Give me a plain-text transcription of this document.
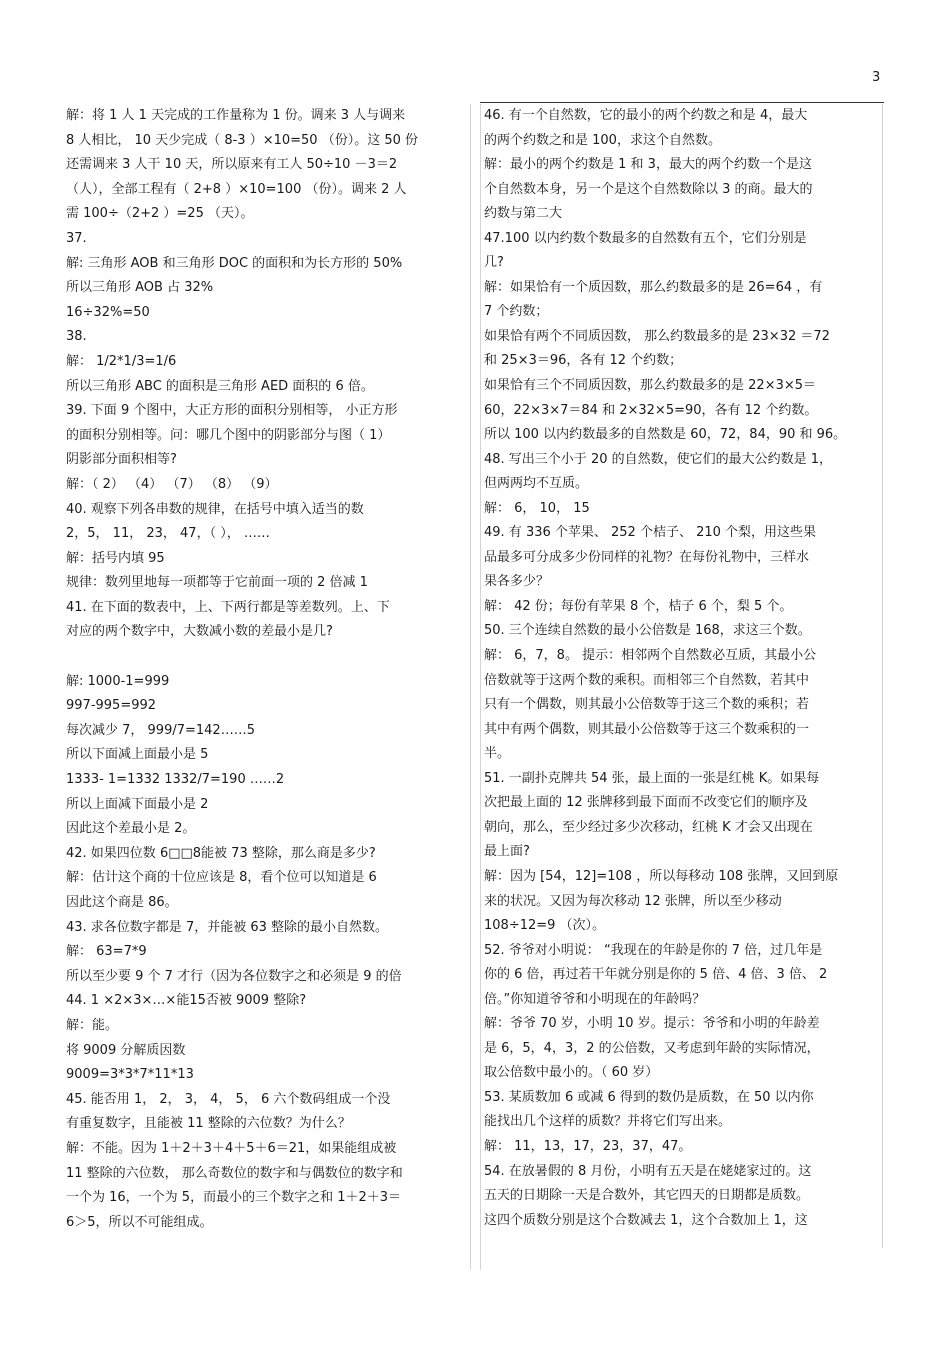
3
解：将 1 人 1 天完成的工作量称为 1 份。调来 3 人与调来
8 人相比， 10 天少完成（ 8-3 ）×10=50 （份）。这 50 份
还需调来 3 人干 10 天，所以原来有工人 50÷10 －3＝2
（人），全部工程有（ 2+8 ）×10=100 （份）。调来 2 人
需 100÷（2+2 ）=25 （天）。
37.
解: 三角形 AOB 和三角形 DOC 的面积和为长方形的 50%
所以三角形 AOB 占 32%
16÷32%=50
38.
解： 1/2*1/3=1/6
所以三角形 ABC 的面积是三角形 AED 面积的 6 倍。
39. 下面 9 个图中，大正方形的面积分别相等， 小正方形
的面积分别相等。问：哪几个图中的阴影部分与图（ 1）
阴影部分面积相等?
解：（ 2） （4） （7） （8） （9）
40. 观察下列各串数的规律，在括号中填入适当的数
2，5， 11， 23， 47，（ ）， ……
解：括号内填 95
规律：数列里地每一项都等于它前面一项的 2 倍减 1
41. 在下面的数表中，上、下两行都是等差数列。上、下
对应的两个数字中，大数减小数的差最小是几?
解: 1000-1=999
997-995=992
每次减少 7， 999/7=142……5
所以下面减上面最小是 5
1333- 1=1332 1332/7=190 ……2
所以上面减下面最小是 2
因此这个差最小是 2。
42. 如果四位数 6□□8能被 73 整除，那么商是多少?
解：估计这个商的十位应该是 8，看个位可以知道是 6
因此这个商是 86。
43. 求各位数字都是 7，并能被 63 整除的最小自然数。
解： 63=7*9
所以至少要 9 个 7 才行（因为各位数字之和必须是 9 的倍
44. 1 ×2×3×…×能15否被 9009 整除?
解：能。
将 9009 分解质因数
9009=3*3*7*11*13
45. 能否用 1， 2， 3， 4， 5， 6 六个数码组成一个没
有重复数字，且能被 11 整除的六位数？为什么？
解：不能。因为 1＋2＋3＋4＋5＋6＝21，如果能组成被
11 整除的六位数， 那么奇数位的数字和与偶数位的数字和
一个为 16，一个为 5，而最小的三个数字之和 1＋2＋3＝
6＞5，所以不可能组成。
46. 有一个自然数，它的最小的两个约数之和是 4，最大
的两个约数之和是 100，求这个自然数。
解：最小的两个约数是 1 和 3，最大的两个约数一个是这
个自然数本身，另一个是这个自然数除以 3 的商。最大的
约数与第二大
47.100 以内约数个数最多的自然数有五个，它们分别是
几?
解：如果恰有一个质因数，那么约数最多的是 26=64 ，有
7 个约数；
如果恰有两个不同质因数， 那么约数最多的是 23×32 ＝72
和 25×3＝96，各有 12 个约数；
如果恰有三个不同质因数，那么约数最多的是 22×3×5＝
60，22×3×7＝84 和 2×32×5=90，各有 12 个约数。
所以 100 以内约数最多的自然数是 60，72，84，90 和 96。
48. 写出三个小于 20 的自然数，使它们的最大公约数是 1，
但两两均不互质。
解： 6， 10， 15
49. 有 336 个苹果、 252 个桔子、 210 个梨，用这些果
品最多可分成多少份同样的礼物？在每份礼物中，三样水
果各多少？
解： 42 份；每份有苹果 8 个，桔子 6 个，梨 5 个。
50. 三个连续自然数的最小公倍数是 168，求这三个数。
解： 6，7，8。 提示：相邻两个自然数必互质，其最小公
倍数就等于这两个数的乘积。而相邻三个自然数，若其中
只有一个偶数，则其最小公倍数等于这三个数的乘积；若
其中有两个偶数，则其最小公倍数等于这三个数乘积的一
半。
51. 一副扑克牌共 54 张，最上面的一张是红桃 K。如果每
次把最上面的 12 张牌移到最下面而不改变它们的顺序及
朝向，那么，至少经过多少次移动，红桃 K 才会又出现在
最上面?
解：因为 [54，12]=108 ，所以每移动 108 张牌，又回到原
来的状况。又因为每次移动 12 张牌，所以至少移动
108÷12=9 （次）。
52. 爷爷对小明说： “我现在的年龄是你的 7 倍，过几年是
你的 6 倍，再过若干年就分别是你的 5 倍、4 倍、3 倍、 2
倍。”你知道爷爷和小明现在的年龄吗？
解：爷爷 70 岁，小明 10 岁。提示：爷爷和小明的年龄差
是 6，5，4，3，2 的公倍数，又考虑到年龄的实际情况，
取公倍数中最小的。（ 60 岁）
53. 某质数加 6 或减 6 得到的数仍是质数，在 50 以内你
能找出几个这样的质数？并将它们写出来。
解： 11，13，17，23，37，47。
54. 在放暑假的 8 月份，小明有五天是在姥姥家过的。这
五天的日期除一天是合数外，其它四天的日期都是质数。
这四个质数分别是这个合数减去 1，这个合数加上 1，这
